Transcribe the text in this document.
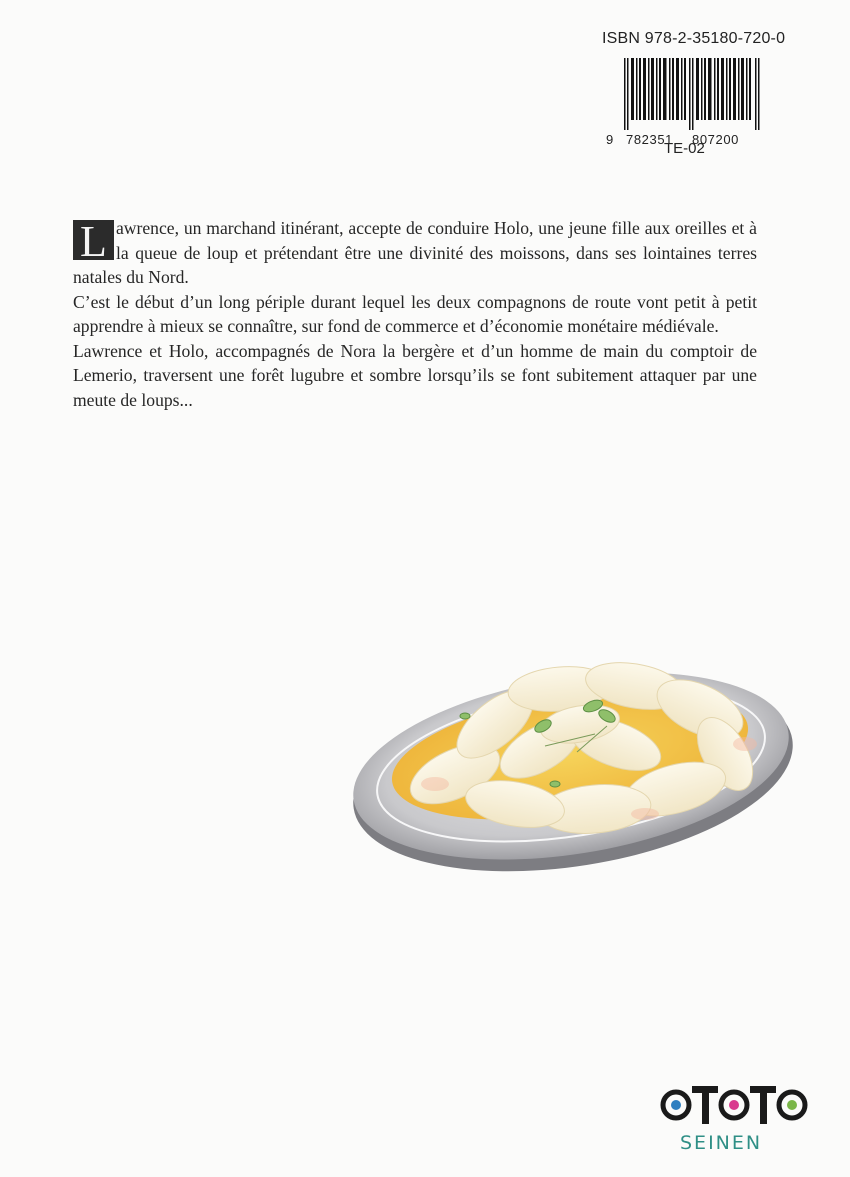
ISBN 978-2-35180-720-0
9 782351 807200
TE-02

L awrence, un marchand itinérant, accepte de conduire Holo, une jeune fille aux oreilles et à la queue de loup et prétendant être une divinité des moissons, dans ses lointaines terres natales du Nord.

C’est le début d’un long périple durant lequel les deux compagnons de route vont petit à petit apprendre à mieux se connaître, sur fond de commerce et d’économie monétaire médiévale.

Lawrence et Holo, accompagnés de Nora la bergère et d’un homme de main du comptoir de Lemerio, traversent une forêt lugubre et sombre lorsqu’ils se font subitement attaquer par une meute de loups...

SEINEN
